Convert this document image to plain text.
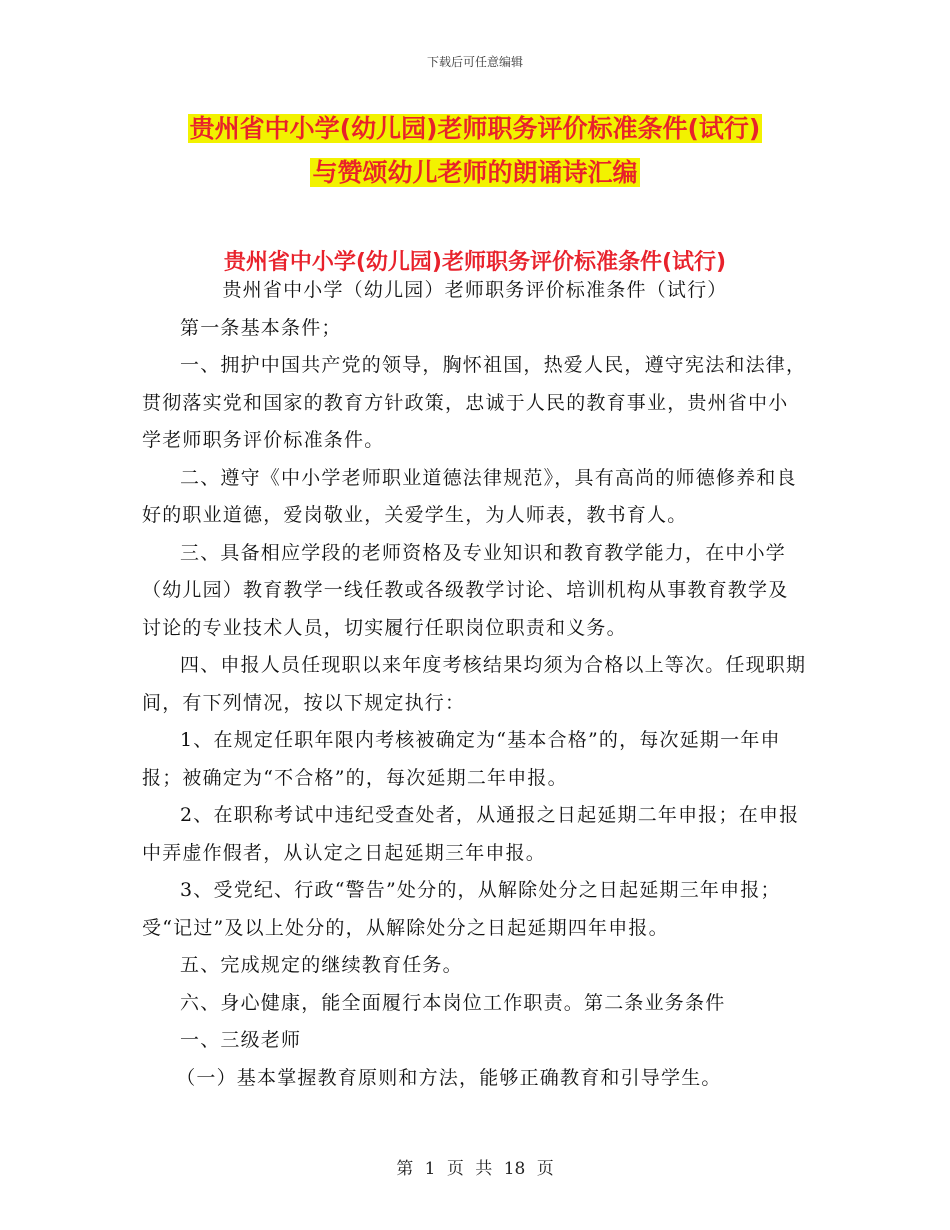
下载后可任意编辑
贵州省中小学(幼儿园)老师职务评价标准条件(试行)
与赞颂幼儿老师的朗诵诗汇编
贵州省中小学(幼儿园)老师职务评价标准条件(试行)

贵州省中小学（幼儿园）老师职务评价标准条件（试行）

第一条基本条件；

一、拥护中国共产党的领导，胸怀祖国，热爱人民，遵守宪法和法律，贯彻落实党和国家的教育方针政策，忠诚于人民的教育事业，贵州省中小学老师职务评价标准条件。

二、遵守《中小学老师职业道德法律规范》，具有高尚的师德修养和良好的职业道德，爱岗敬业，关爱学生，为人师表，教书育人。

三、具备相应学段的老师资格及专业知识和教育教学能力，在中小学（幼儿园）教育教学一线任教或各级教学讨论、培训机构从事教育教学及讨论的专业技术人员，切实履行任职岗位职责和义务。

四、申报人员任现职以来年度考核结果均须为合格以上等次。任现职期间，有下列情况，按以下规定执行：

1、在规定任职年限内考核被确定为“基本合格”的，每次延期一年申报；被确定为“不合格”的，每次延期二年申报。

2、在职称考试中违纪受查处者，从通报之日起延期二年申报；在申报中弄虚作假者，从认定之日起延期三年申报。

3、受党纪、行政“警告”处分的，从解除处分之日起延期三年申报；受“记过”及以上处分的，从解除处分之日起延期四年申报。

五、完成规定的继续教育任务。

六、身心健康，能全面履行本岗位工作职责。第二条业务条件

一、三级老师

（一）基本掌握教育原则和方法，能够正确教育和引导学生。

第 1 页 共 18 页
